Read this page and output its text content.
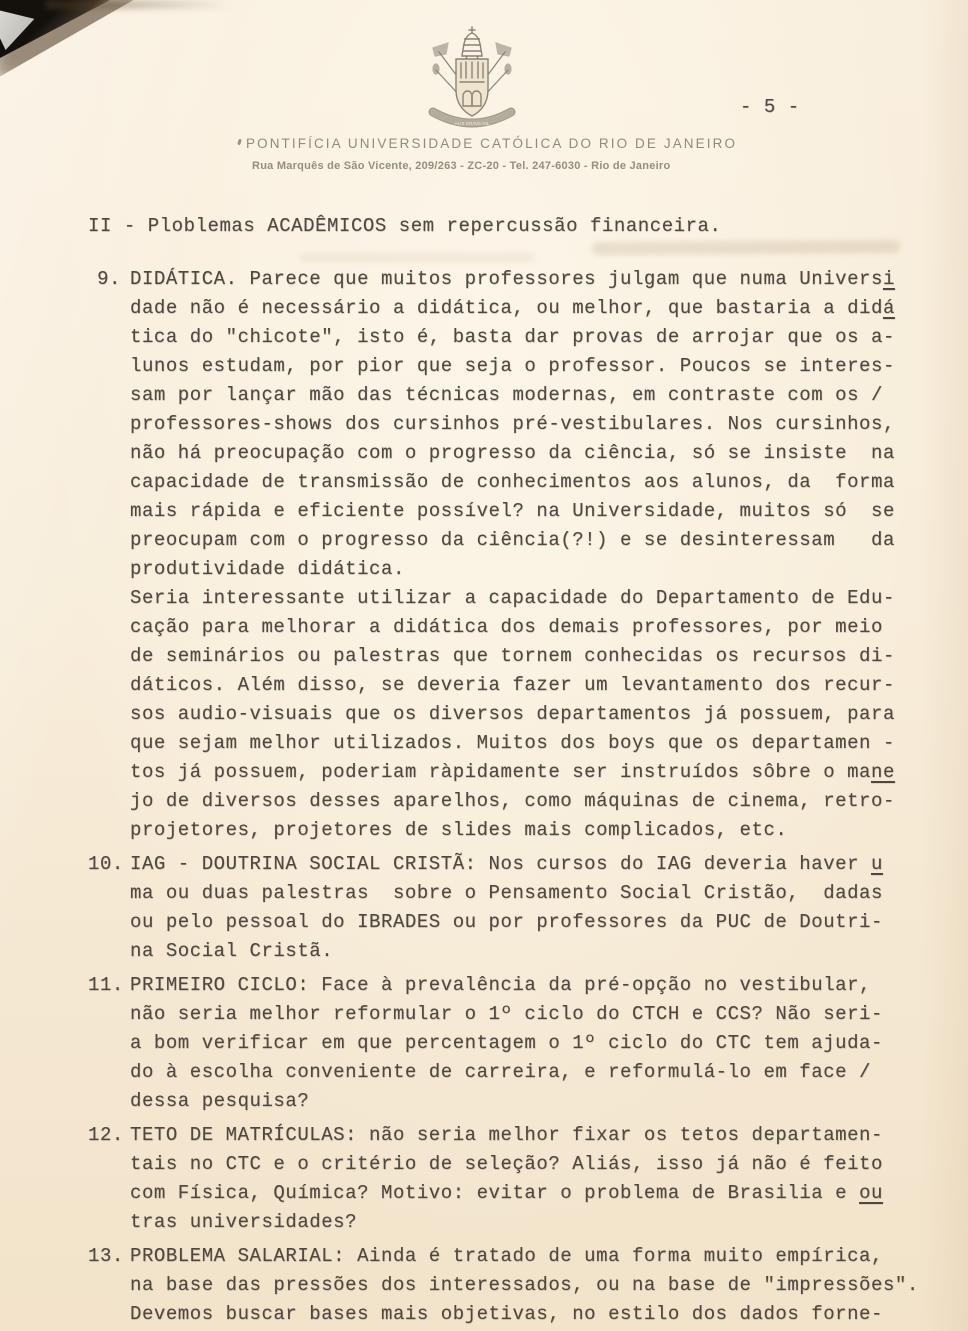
ALIS GRAVE NIL
PONTIFÍCIA UNIVERSIDADE CATÓLICA DO RIO DE JANEIRO
Rua Marquês de São Vicente, 209/263 - ZC-20 - Tel. 247-6030 - Rio de Janeiro
- 5 -
II - Ploblemas ACADÊMICOS sem repercussão financeira.
9. DIDÁTICA. Parece que muitos professores julgam que numa Universi
dade não é necessário a didática, ou melhor, que bastaria a didá
tica do "chicote", isto é, basta dar provas de arrojar que os a-
lunos estudam, por pior que seja o professor. Poucos se interes-
sam por lançar mão das técnicas modernas, em contraste com os /
professores-shows dos cursinhos pré-vestibulares. Nos cursinhos,
não há preocupação com o progresso da ciência, só se insiste  na
capacidade de transmissão de conhecimentos aos alunos, da  forma
mais rápida e eficiente possível? na Universidade, muitos só  se
preocupam com o progresso da ciência(?!) e se desinteressam   da
produtividade didática.
Seria interessante utilizar a capacidade do Departamento de Edu-
cação para melhorar a didática dos demais professores, por meio
de seminários ou palestras que tornem conhecidas os recursos di-
dáticos. Além disso, se deveria fazer um levantamento dos recur-
sos audio-visuais que os diversos departamentos já possuem, para
que sejam melhor utilizados. Muitos dos boys que os departamen -
tos já possuem, poderiam ràpidamente ser instruídos sôbre o mane
jo de diversos desses aparelhos, como máquinas de cinema, retro-
projetores, projetores de slides mais complicados, etc.
10. IAG - DOUTRINA SOCIAL CRISTÃ: Nos cursos do IAG deveria haver u
ma ou duas palestras  sobre o Pensamento Social Cristão,  dadas
ou pelo pessoal do IBRADES ou por professores da PUC de Doutri-
na Social Cristã.
11. PRIMEIRO CICLO: Face à prevalência da pré-opção no vestibular,
não seria melhor reformular o 1º ciclo do CTCH e CCS? Não seri-
a bom verificar em que percentagem o 1º ciclo do CTC tem ajuda-
do à escolha conveniente de carreira, e reformulá-lo em face /
dessa pesquisa?
12. TETO DE MATRÍCULAS: não seria melhor fixar os tetos departamen-
tais no CTC e o critério de seleção? Aliás, isso já não é feito
com Física, Química? Motivo: evitar o problema de Brasilia e ou
tras universidades?
13. PROBLEMA SALARIAL: Ainda é tratado de uma forma muito empírica,
na base das pressões dos interessados, ou na base de "impressões".
Devemos buscar bases mais objetivas, no estilo dos dados forne-
